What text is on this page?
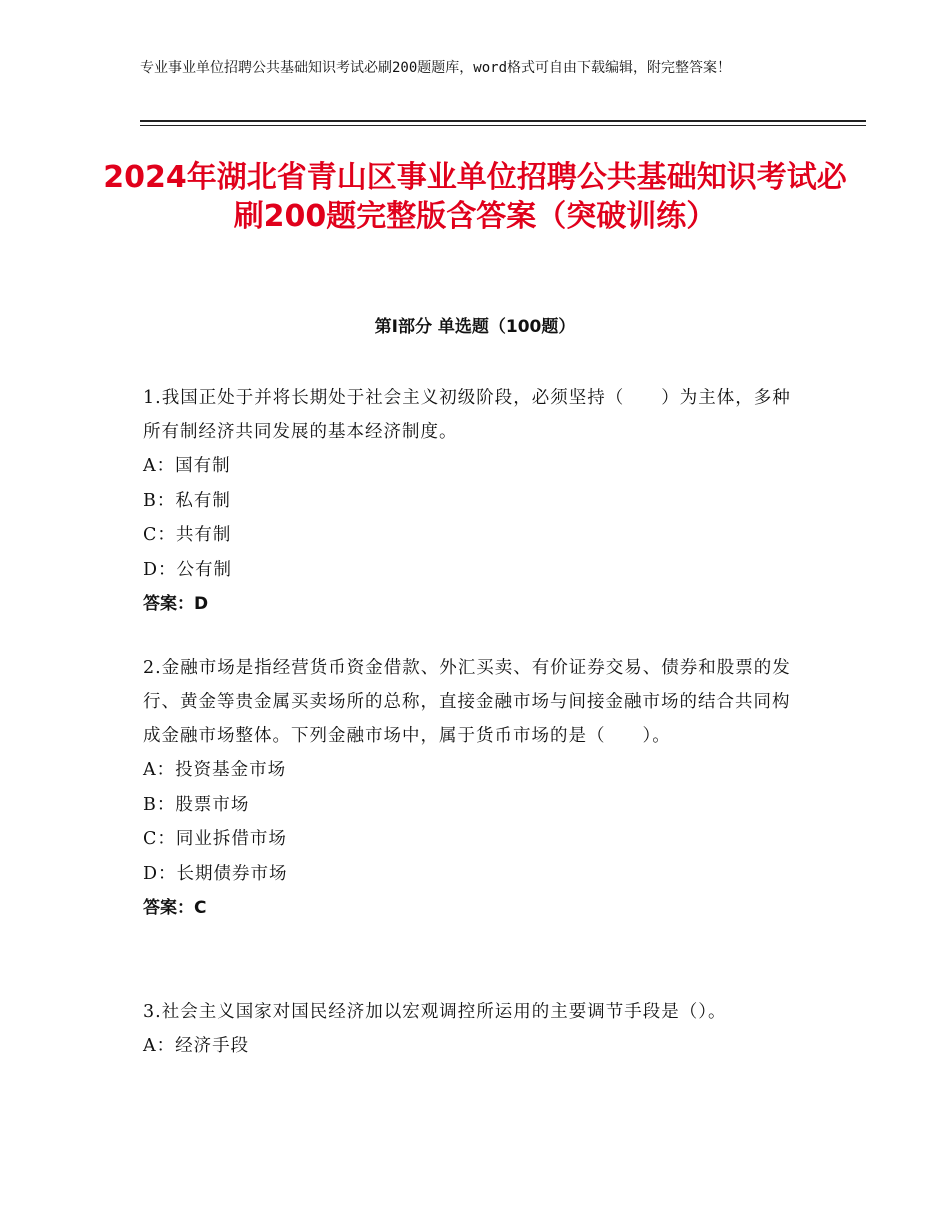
专业事业单位招聘公共基础知识考试必刷200题题库，word格式可自由下载编辑，附完整答案！
2024年湖北省青山区事业单位招聘公共基础知识考试必刷200题完整版含答案（突破训练）
第Ⅰ部分 单选题（100题）
1.我国正处于并将长期处于社会主义初级阶段，必须坚持（　　）为主体，多种所有制经济共同发展的基本经济制度。
A：国有制
B：私有制
C：共有制
D：公有制
答案：D
2.金融市场是指经营货币资金借款、外汇买卖、有价证券交易、债券和股票的发行、黄金等贵金属买卖场所的总称，直接金融市场与间接金融市场的结合共同构成金融市场整体。下列金融市场中，属于货币市场的是（　　）。
A：投资基金市场
B：股票市场
C：同业拆借市场
D：长期债券市场
答案：C
3.社会主义国家对国民经济加以宏观调控所运用的主要调节手段是（）。
A：经济手段
